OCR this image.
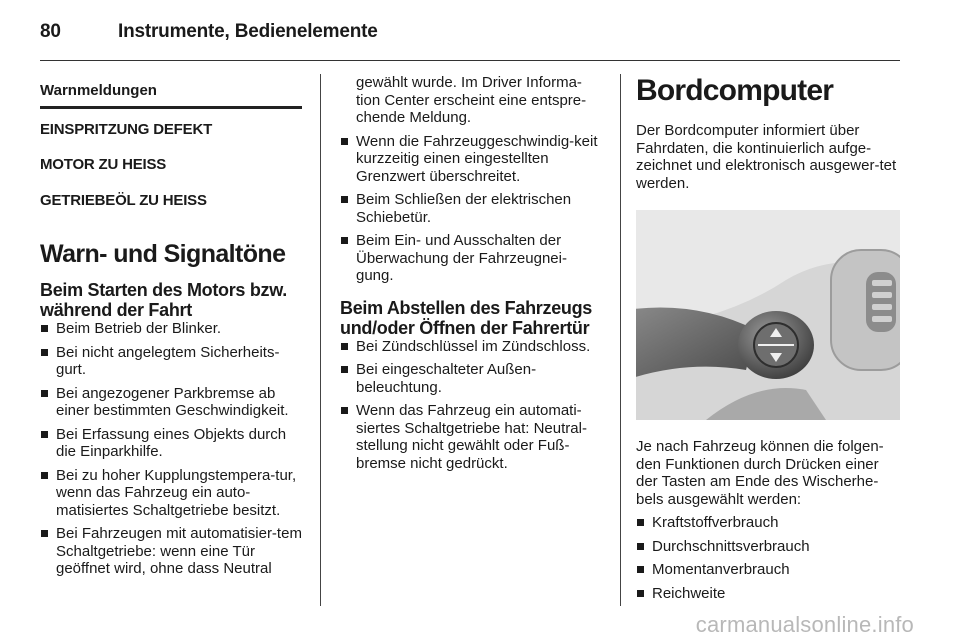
80	Instrumente, Bedienelemente
Warnmeldungen
EINSPRITZUNG DEFEKT
MOTOR ZU HEISS
GETRIEBEÖL ZU HEISS
Warn- und Signaltöne
Beim Starten des Motors bzw. während der Fahrt
Beim Betrieb der Blinker.
Bei nicht angelegtem Sicherheits-gurt.
Bei angezogener Parkbremse ab einer bestimmten Geschwindigkeit.
Bei Erfassung eines Objekts durch die Einparkhilfe.
Bei zu hoher Kupplungstempera-tur, wenn das Fahrzeug ein auto-matisiertes Schaltgetriebe besitzt.
Bei Fahrzeugen mit automatisier-tem Schaltgetriebe: wenn eine Tür geöffnet wird, ohne dass Neutral
gewählt wurde. Im Driver Informa-tion Center erscheint eine entspre-chende Meldung.
Wenn die Fahrzeuggeschwindig-keit kurzzeitig einen eingestellten Grenzwert überschreitet.
Beim Schließen der elektrischen Schiebetür.
Beim Ein- und Ausschalten der Überwachung der Fahrzeugnei-gung.
Beim Abstellen des Fahrzeugs und/oder Öffnen der Fahrertür
Bei Zündschlüssel im Zündschloss.
Bei eingeschalteter Außen-beleuchtung.
Wenn das Fahrzeug ein automati-siertes Schaltgetriebe hat: Neutral-stellung nicht gewählt oder Fuß-bremse nicht gedrückt.
Bordcomputer

Der Bordcomputer informiert über Fahrdaten, die kontinuierlich aufge-zeichnet und elektronisch ausgewer-tet werden.

Je nach Fahrzeug können die folgen-den Funktionen durch Drücken einer der Tasten am Ende des Wischerhe-bels ausgewählt werden:

Kraftstoffverbrauch
Durchschnittsverbrauch
Momentanverbrauch
Reichweite
carmanualsonline.info
